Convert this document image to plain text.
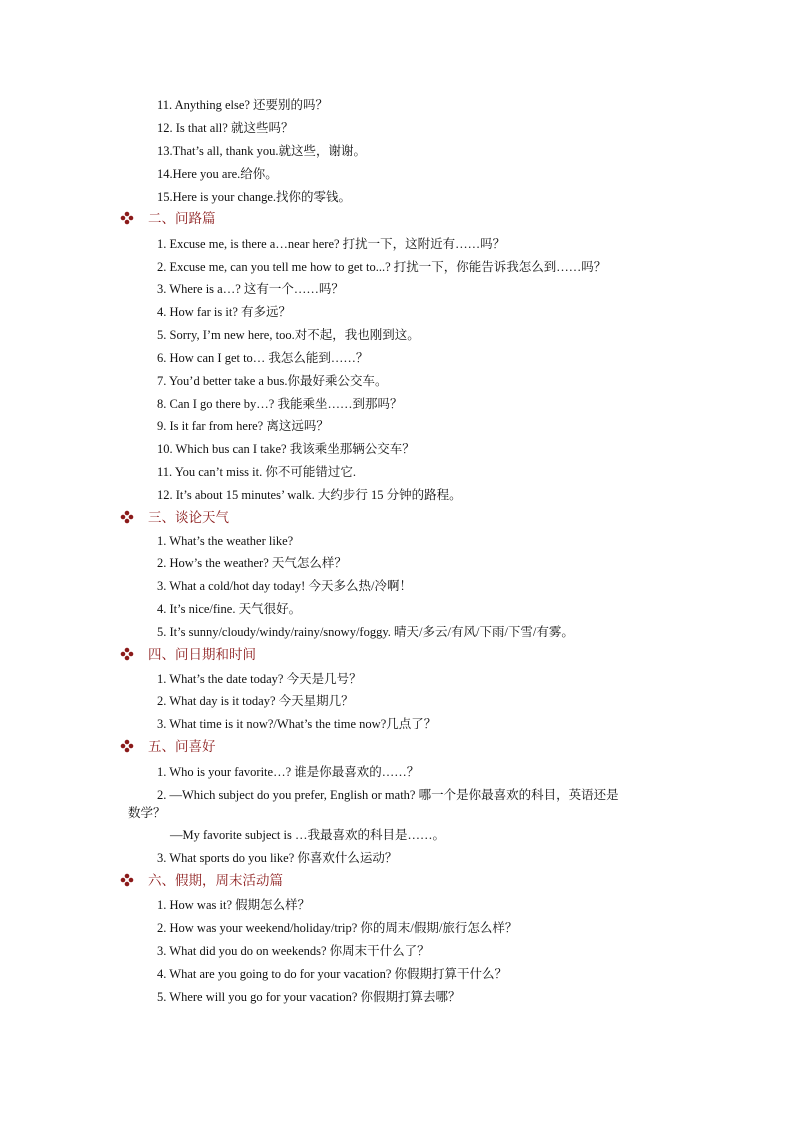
11. Anything else? 还要别的吗？
12. Is that all? 就这些吗？
13.That’s all, thank you.就这些，谢谢。
14.Here you are.给你。
15.Here is your change.找你的零钱。
二、问路篇
1. Excuse me, is there a…near here? 打扰一下，这附近有……吗？
2. Excuse me, can you tell me how to get to...? 打扰一下，你能告诉我怎么到……吗？
3. Where is a…? 这有一个……吗？
4. How far is it? 有多远？
5. Sorry, I’m new here, too.对不起，我也刚到这。
6. How can I get to… 我怎么能到……？
7. You’d better take a bus.你最好乘公交车。
8. Can I go there by…? 我能乘坐……到那吗？
9. Is it far from here? 离这远吗？
10. Which bus can I take? 我该乘坐那辆公交车？
11. You can’t miss it. 你不可能错过它.
12. It’s about 15 minutes’ walk. 大约步行 15 分钟的路程。
三、谈论天气
1. What’s the weather like?
2. How’s the weather? 天气怎么样？
3. What a cold/hot day today! 今天多么热/冷啊！
4. It’s nice/fine. 天气很好。
5. It’s sunny/cloudy/windy/rainy/snowy/foggy. 晴天/多云/有风/下雨/下雪/有雾。
四、问日期和时间
1. What’s the date today? 今天是几号？
2. What day is it today? 今天星期几？
3. What time is it now?/What’s the time now?几点了？
五、问喜好
1. Who is your favorite…? 谁是你最喜欢的……？
2. —Which subject do you prefer, English or math? 哪一个是你最喜欢的科目，英语还是
数学？
—My favorite subject is …我最喜欢的科目是……。
3. What sports do you like? 你喜欢什么运动？
六、假期，周末活动篇
1. How was it? 假期怎么样？
2. How was your weekend/holiday/trip? 你的周末/假期/旅行怎么样？
3. What did you do on weekends? 你周末干什么了？
4. What are you going to do for your vacation? 你假期打算干什么？
5. Where will you go for your vacation? 你假期打算去哪？
